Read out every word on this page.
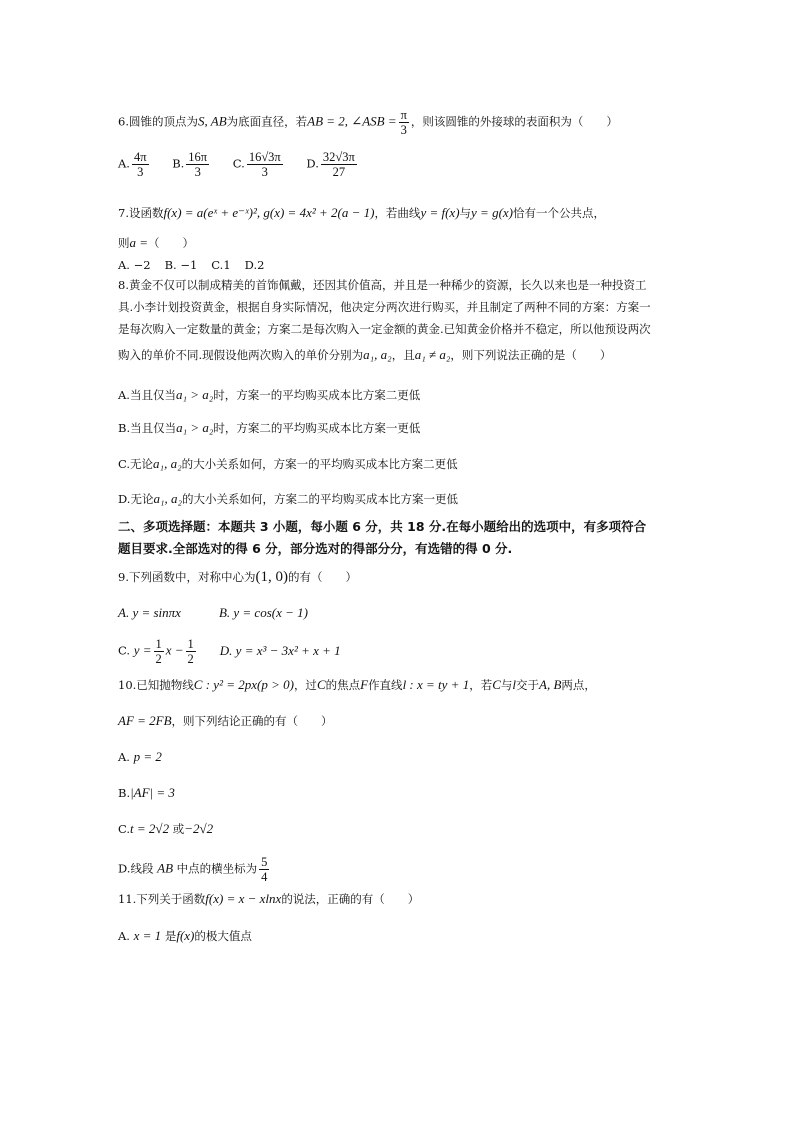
6.圆锥的顶点为S, AB为底面直径，若AB = 2, ∠ASB = $\frac{\pi}{3}$ ，则该圆锥的外接球的表面积为（　　）
A. $\frac{4\pi}{3} B$. $\frac{16\pi}{3} C$. $\frac{16√3\pi}{3} D$. $\frac{32√3\pi}{27}$
7.设函数f(x) = a(eˣ + e⁻ˣ)², g(x) = 4x² + 2(a − 1)，若曲线y = f(x)与y = g(x)恰有一个公共点，
则a =（　　）
A. −2 B. −1 C.1 D.2
8.黄金不仅可以制成精美的首饰佩戴，还因其价值高，并且是一种稀少的资源，长久以来也是一种投资工
具.小李计划投资黄金，根据自身实际情况，他决定分两次进行购买，并且制定了两种不同的方案：方案一
是每次购入一定数量的黄金；方案二是每次购入一定金额的黄金.已知黄金价格并不稳定，所以他预设两次
购入的单价不同.现假设他两次购入的单价分别为a₁, a₂，且a₁ ≠ a₂，则下列说法正确的是（　　）
A.当且仅当a₁ > a₂时，方案一的平均购买成本比方案二更低
B.当且仅当a₁ > a₂时，方案二的平均购买成本比方案一更低
C.无论a₁, a₂的大小关系如何，方案一的平均购买成本比方案二更低
D.无论a₁, a₂的大小关系如何，方案二的平均购买成本比方案一更低
二、多项选择题：本题共 3 小题，每小题 6 分，共 18 分.在每小题给出的选项中，有多项符合
题目要求.全部选对的得 6 分，部分选对的得部分分，有选错的得 0 分.
9.下列函数中，对称中心为(1, 0)的有（　　）
A. y = sinπx	B. y = cos(x − 1)
C. $y = \frac{1}{2}$ $x - \frac{1}{2} D$. y = x³ − 3x² + x + 1
10.已知抛物线C : y² = 2px(p > 0)，过C的焦点F作直线l : x = ty + 1，若C与l交于A, B两点，
AF = 2FB，则下列结论正确的有（　　）
A. p = 2
B.|AF| = 3
C.t = 2√2 或−2√2
D.线段 AB 中点的横坐标为 $\frac{5}{4}$
11.下列关于函数f(x) = x − xlnx的说法，正确的有（　　）
A. x = 1 是f(x)的极大值点
